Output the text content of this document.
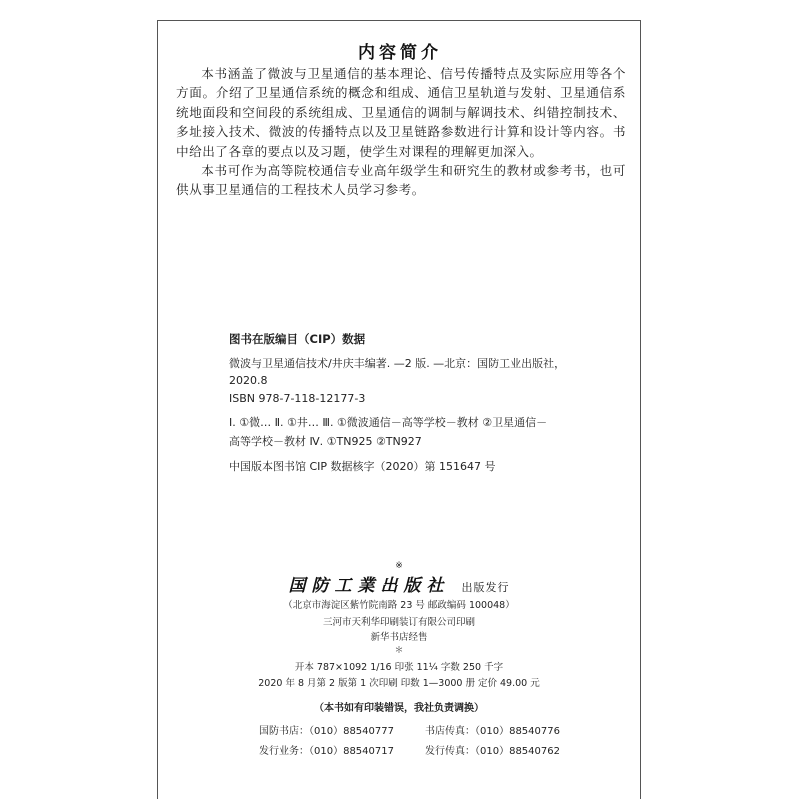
内容简介

本书涵盖了微波与卫星通信的基本理论、信号传播特点及实际应用等各个方面。介绍了卫星通信系统的概念和组成、通信卫星轨道与发射、卫星通信系统地面段和空间段的系统组成、卫星通信的调制与解调技术、纠错控制技术、多址接入技术、微波的传播特点以及卫星链路参数进行计算和设计等内容。书中给出了各章的要点以及习题，使学生对课程的理解更加深入。

本书可作为高等院校通信专业高年级学生和研究生的教材或参考书，也可供从事卫星通信的工程技术人员学习参考。

图书在版编目（CIP）数据
微波与卫星通信技术/井庆丰编著. —2 版. —北京：国防工业出版社，
2020.8
ISBN 978-7-118-12177-3
Ⅰ. ①微… Ⅱ. ①井… Ⅲ. ①微波通信－高等学校－教材 ②卫星通信－
高等学校－教材 Ⅳ. ①TN925 ②TN927
中国版本图书馆 CIP 数据核字（2020）第 151647 号
※
国防工業出版社 出版发行
（北京市海淀区紫竹院南路 23 号 邮政编码 100048）
三河市天利华印刷装订有限公司印刷
新华书店经售
＊
开本 787×1092 1/16 印张 11¼ 字数 250 千字
2020 年 8 月第 2 版第 1 次印刷 印数 1—3000 册 定价 49.00 元
（本书如有印装错误，我社负责调换）
国防书店：（010）88540777	书店传真：（010）88540776
发行业务：（010）88540717	发行传真：（010）88540762
